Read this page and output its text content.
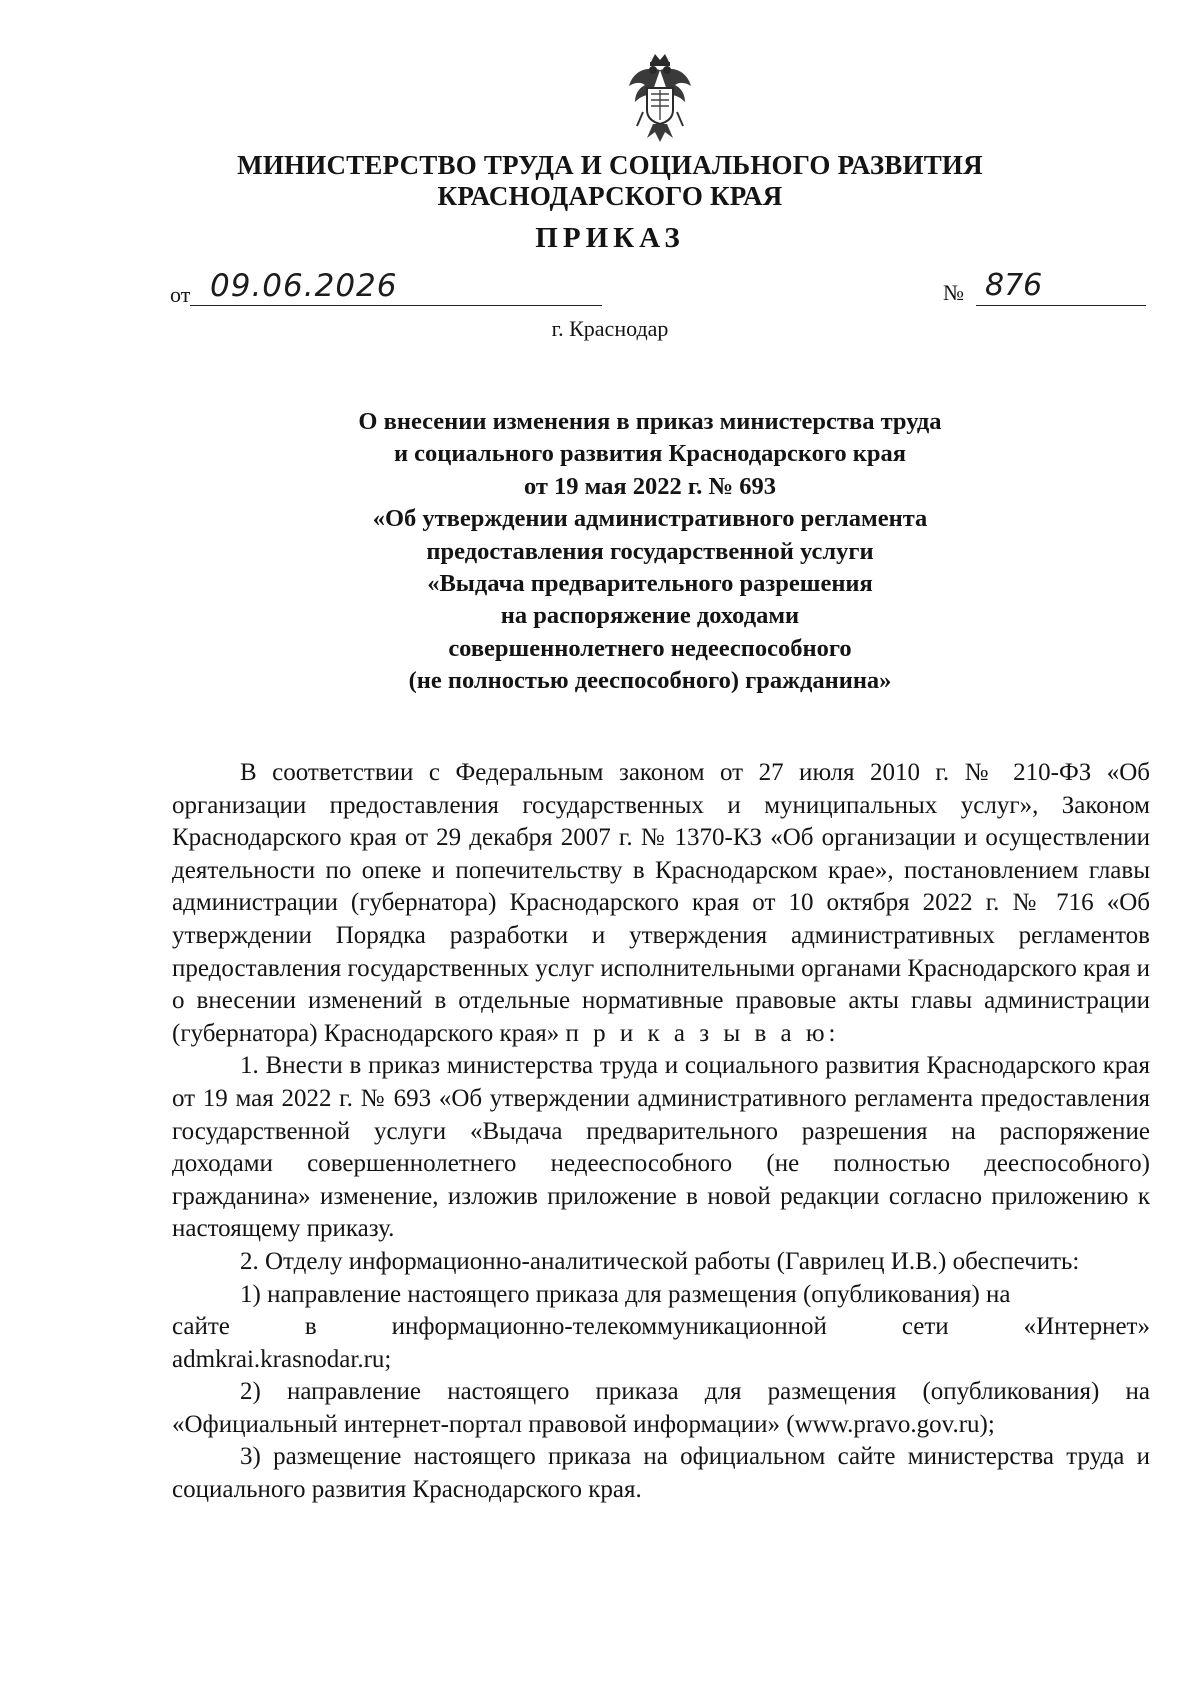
МИНИСТЕРСТВО ТРУДА И СОЦИАЛЬНОГО РАЗВИТИЯ
КРАСНОДАРСКОГО КРАЯ
ПРИКАЗ
от 09.06.2026	№ 876
г. Краснодар
О внесении изменения в приказ министерства труда
и социального развития Краснодарского края
от 19 мая 2022 г. № 693
«Об утверждении административного регламента
предоставления государственной услуги
«Выдача предварительного разрешения
на распоряжение доходами
совершеннолетнего недееспособного
(не полностью дееспособного) гражданина»

В соответствии с Федеральным законом от 27 июля 2010 г. № 210-ФЗ «Об организации предоставления государственных и муниципальных услуг», Законом Краснодарского края от 29 декабря 2007 г. № 1370-КЗ «Об организации и осуществлении деятельности по опеке и попечительству в Краснодарском крае», постановлением главы администрации (губернатора) Краснодарского края от 10 октября 2022 г. № 716 «Об утверждении Порядка разработки и утверждения административных регламентов предоставления государственных услуг исполнительными органами Краснодарского края и о внесении изменений в отдельные нормативные правовые акты главы администрации (губернатора) Краснодарского края» п р и к а з ы в а ю:

1. Внести в приказ министерства труда и социального развития Краснодарского края от 19 мая 2022 г. № 693 «Об утверждении административного регламента предоставления государственной услуги «Выдача предварительного разрешения на распоряжение доходами совершеннолетнего недееспособного (не полностью дееспособного) гражданина» изменение, изложив приложение в новой редакции согласно приложению к настоящему приказу.

2. Отделу информационно-аналитической работы (Гаврилец И.В.) обеспечить:

1) направление настоящего приказа для размещения (опубликования) на

сайте	в	информационно-телекоммуникационной	сети	«Интернет»

admkrai.krasnodar.ru;

2) направление настоящего приказа для размещения (опубликования) на «Официальный интернет-портал правовой информации» (www.pravo.gov.ru);

3) размещение настоящего приказа на официальном сайте министерства труда и социального развития Краснодарского края.
